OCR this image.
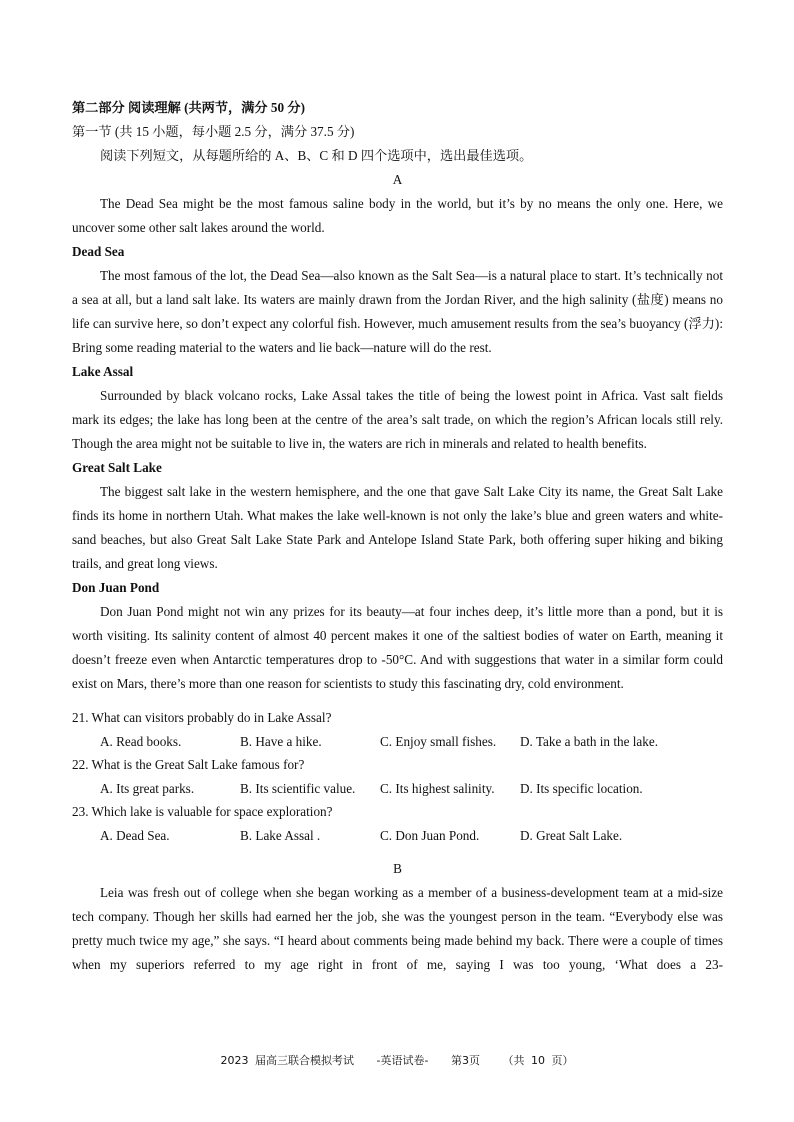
第二部分 阅读理解 (共两节，满分 50 分)
第一节 (共 15 小题，每小题 2.5 分，满分 37.5 分)
阅读下列短文，从每题所给的 A、B、C 和 D 四个选项中，选出最佳选项。
A
The Dead Sea might be the most famous saline body in the world, but it’s by no means the only one. Here, we uncover some other salt lakes around the world.
Dead Sea
The most famous of the lot, the Dead Sea—also known as the Salt Sea—is a natural place to start. It’s technically not a sea at all, but a land salt lake. Its waters are mainly drawn from the Jordan River, and the high salinity (盐度) means no life can survive here, so don’t expect any colorful fish. However, much amusement results from the sea’s buoyancy (浮力): Bring some reading material to the waters and lie back—nature will do the rest.
Lake Assal
Surrounded by black volcano rocks, Lake Assal takes the title of being the lowest point in Africa. Vast salt fields mark its edges; the lake has long been at the centre of the area’s salt trade, on which the region’s African locals still rely. Though the area might not be suitable to live in, the waters are rich in minerals and related to health benefits.
Great Salt Lake
The biggest salt lake in the western hemisphere, and the one that gave Salt Lake City its name, the Great Salt Lake finds its home in northern Utah. What makes the lake well-known is not only the lake’s blue and green waters and white-sand beaches, but also Great Salt Lake State Park and Antelope Island State Park, both offering super hiking and biking trails, and great long views.
Don Juan Pond
Don Juan Pond might not win any prizes for its beauty—at four inches deep, it’s little more than a pond, but it is worth visiting. Its salinity content of almost 40 percent makes it one of the saltiest bodies of water on Earth, meaning it doesn’t freeze even when Antarctic temperatures drop to -50°C. And with suggestions that water in a similar form could exist on Mars, there’s more than one reason for scientists to study this fascinating dry, cold environment.
21. What can visitors probably do in Lake Assal?
A. Read books.	B. Have a hike.	C. Enjoy small fishes.	D. Take a bath in the lake.
22. What is the Great Salt Lake famous for?
A. Its great parks.	B. Its scientific value.	C. Its highest salinity.	D. Its specific location.
23. Which lake is valuable for space exploration?
A. Dead Sea.	B. Lake Assal .	C. Don Juan Pond.	D. Great Salt Lake.
B
Leia was fresh out of college when she began working as a member of a business-development team at a mid-size tech company. Though her skills had earned her the job, she was the youngest person in the team. “Everybody else was pretty much twice my age,” she says. “I heard about comments being made behind my back. There were a couple of times when my superiors referred to my age right in front of me, saying I was too young, ‘What does a 23-
2023 届高三联合模拟考试 -英语试卷- 第3页 （共 10 页）
